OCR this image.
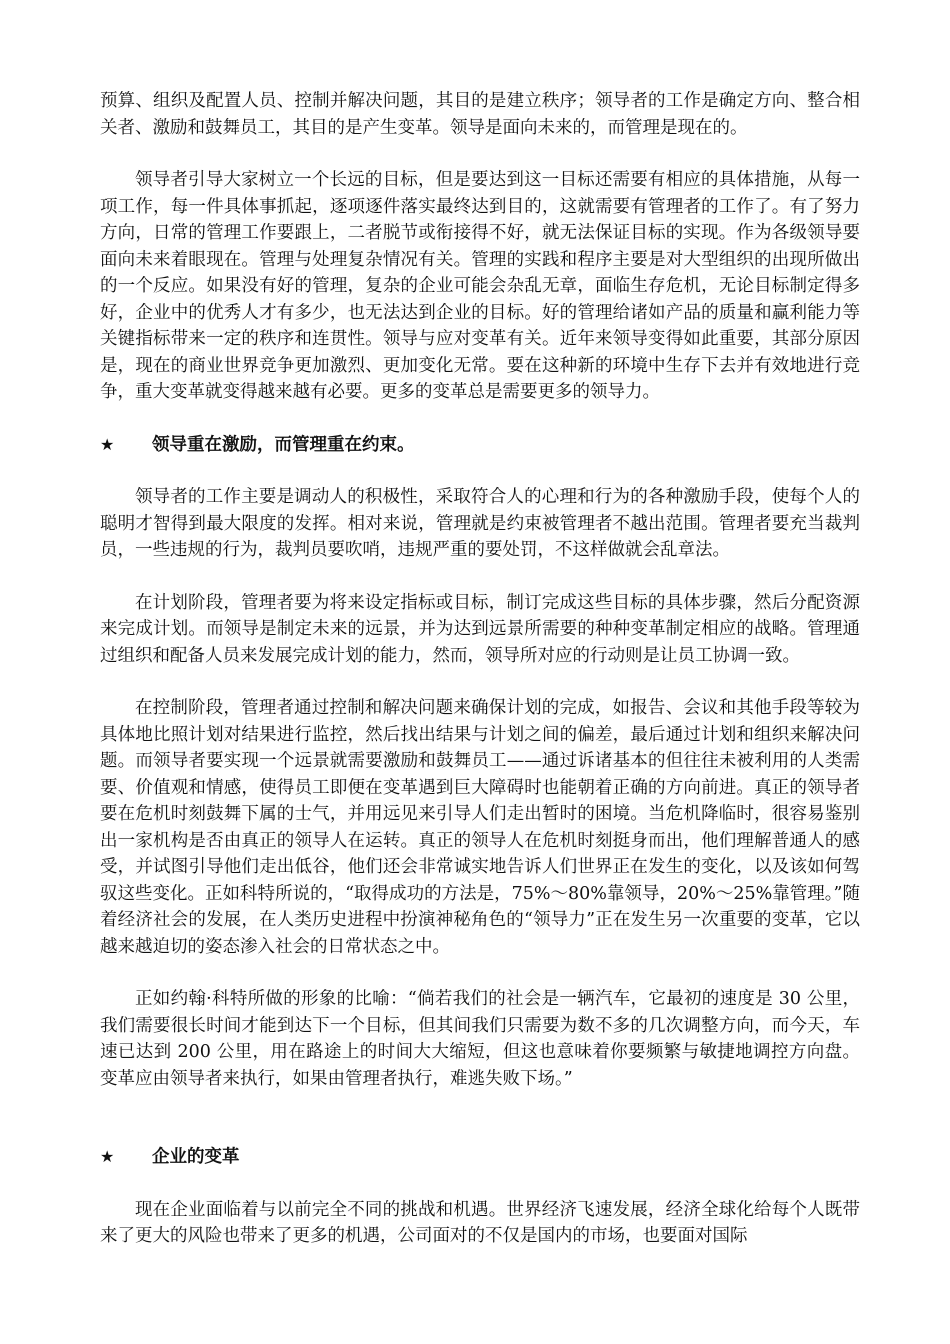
预算、组织及配置人员、控制并解决问题，其目的是建立秩序；领导者的工作是确定方向、整合相关者、激励和鼓舞员工，其目的是产生变革。领导是面向未来的，而管理是现在的。

领导者引导大家树立一个长远的目标，但是要达到这一目标还需要有相应的具体措施，从每一项工作，每一件具体事抓起，逐项逐件落实最终达到目的，这就需要有管理者的工作了。有了努力方向，日常的管理工作要跟上，二者脱节或衔接得不好，就无法保证目标的实现。作为各级领导要面向未来着眼现在。管理与处理复杂情况有关。管理的实践和程序主要是对大型组织的出现所做出的一个反应。如果没有好的管理，复杂的企业可能会杂乱无章，面临生存危机，无论目标制定得多好，企业中的优秀人才有多少，也无法达到企业的目标。好的管理给诸如产品的质量和赢利能力等关键指标带来一定的秩序和连贯性。领导与应对变革有关。近年来领导变得如此重要，其部分原因是，现在的商业世界竞争更加激烈、更加变化无常。要在这种新的环境中生存下去并有效地进行竞争，重大变革就变得越来越有必要。更多的变革总是需要更多的领导力。

★	领导重在激励，而管理重在约束。

领导者的工作主要是调动人的积极性，采取符合人的心理和行为的各种激励手段，使每个人的聪明才智得到最大限度的发挥。相对来说，管理就是约束被管理者不越出范围。管理者要充当裁判员，一些违规的行为，裁判员要吹哨，违规严重的要处罚，不这样做就会乱章法。

在计划阶段，管理者要为将来设定指标或目标，制订完成这些目标的具体步骤，然后分配资源来完成计划。而领导是制定未来的远景，并为达到远景所需要的种种变革制定相应的战略。管理通过组织和配备人员来发展完成计划的能力，然而，领导所对应的行动则是让员工协调一致。

在控制阶段，管理者通过控制和解决问题来确保计划的完成，如报告、会议和其他手段等较为具体地比照计划对结果进行监控，然后找出结果与计划之间的偏差，最后通过计划和组织来解决问题。而领导者要实现一个远景就需要激励和鼓舞员工——通过诉诸基本的但往往未被利用的人类需要、价值观和情感，使得员工即便在变革遇到巨大障碍时也能朝着正确的方向前进。真正的领导者要在危机时刻鼓舞下属的士气，并用远见来引导人们走出暂时的困境。当危机降临时，很容易鉴别出一家机构是否由真正的领导人在运转。真正的领导人在危机时刻挺身而出，他们理解普通人的感受，并试图引导他们走出低谷，他们还会非常诚实地告诉人们世界正在发生的变化，以及该如何驾驭这些变化。正如科特所说的，“取得成功的方法是，75%～80%靠领导，20%～25%靠管理。”随着经济社会的发展，在人类历史进程中扮演神秘角色的“领导力”正在发生另一次重要的变革，它以越来越迫切的姿态渗入社会的日常状态之中。

正如约翰·科特所做的形象的比喻：“倘若我们的社会是一辆汽车，它最初的速度是 30 公里，我们需要很长时间才能到达下一个目标，但其间我们只需要为数不多的几次调整方向，而今天，车速已达到 200 公里，用在路途上的时间大大缩短，但这也意味着你要频繁与敏捷地调控方向盘。变革应由领导者来执行，如果由管理者执行，难逃失败下场。”

★	企业的变革

现在企业面临着与以前完全不同的挑战和机遇。世界经济飞速发展，经济全球化给每个人既带来了更大的风险也带来了更多的机遇，公司面对的不仅是国内的市场，也要面对国际
